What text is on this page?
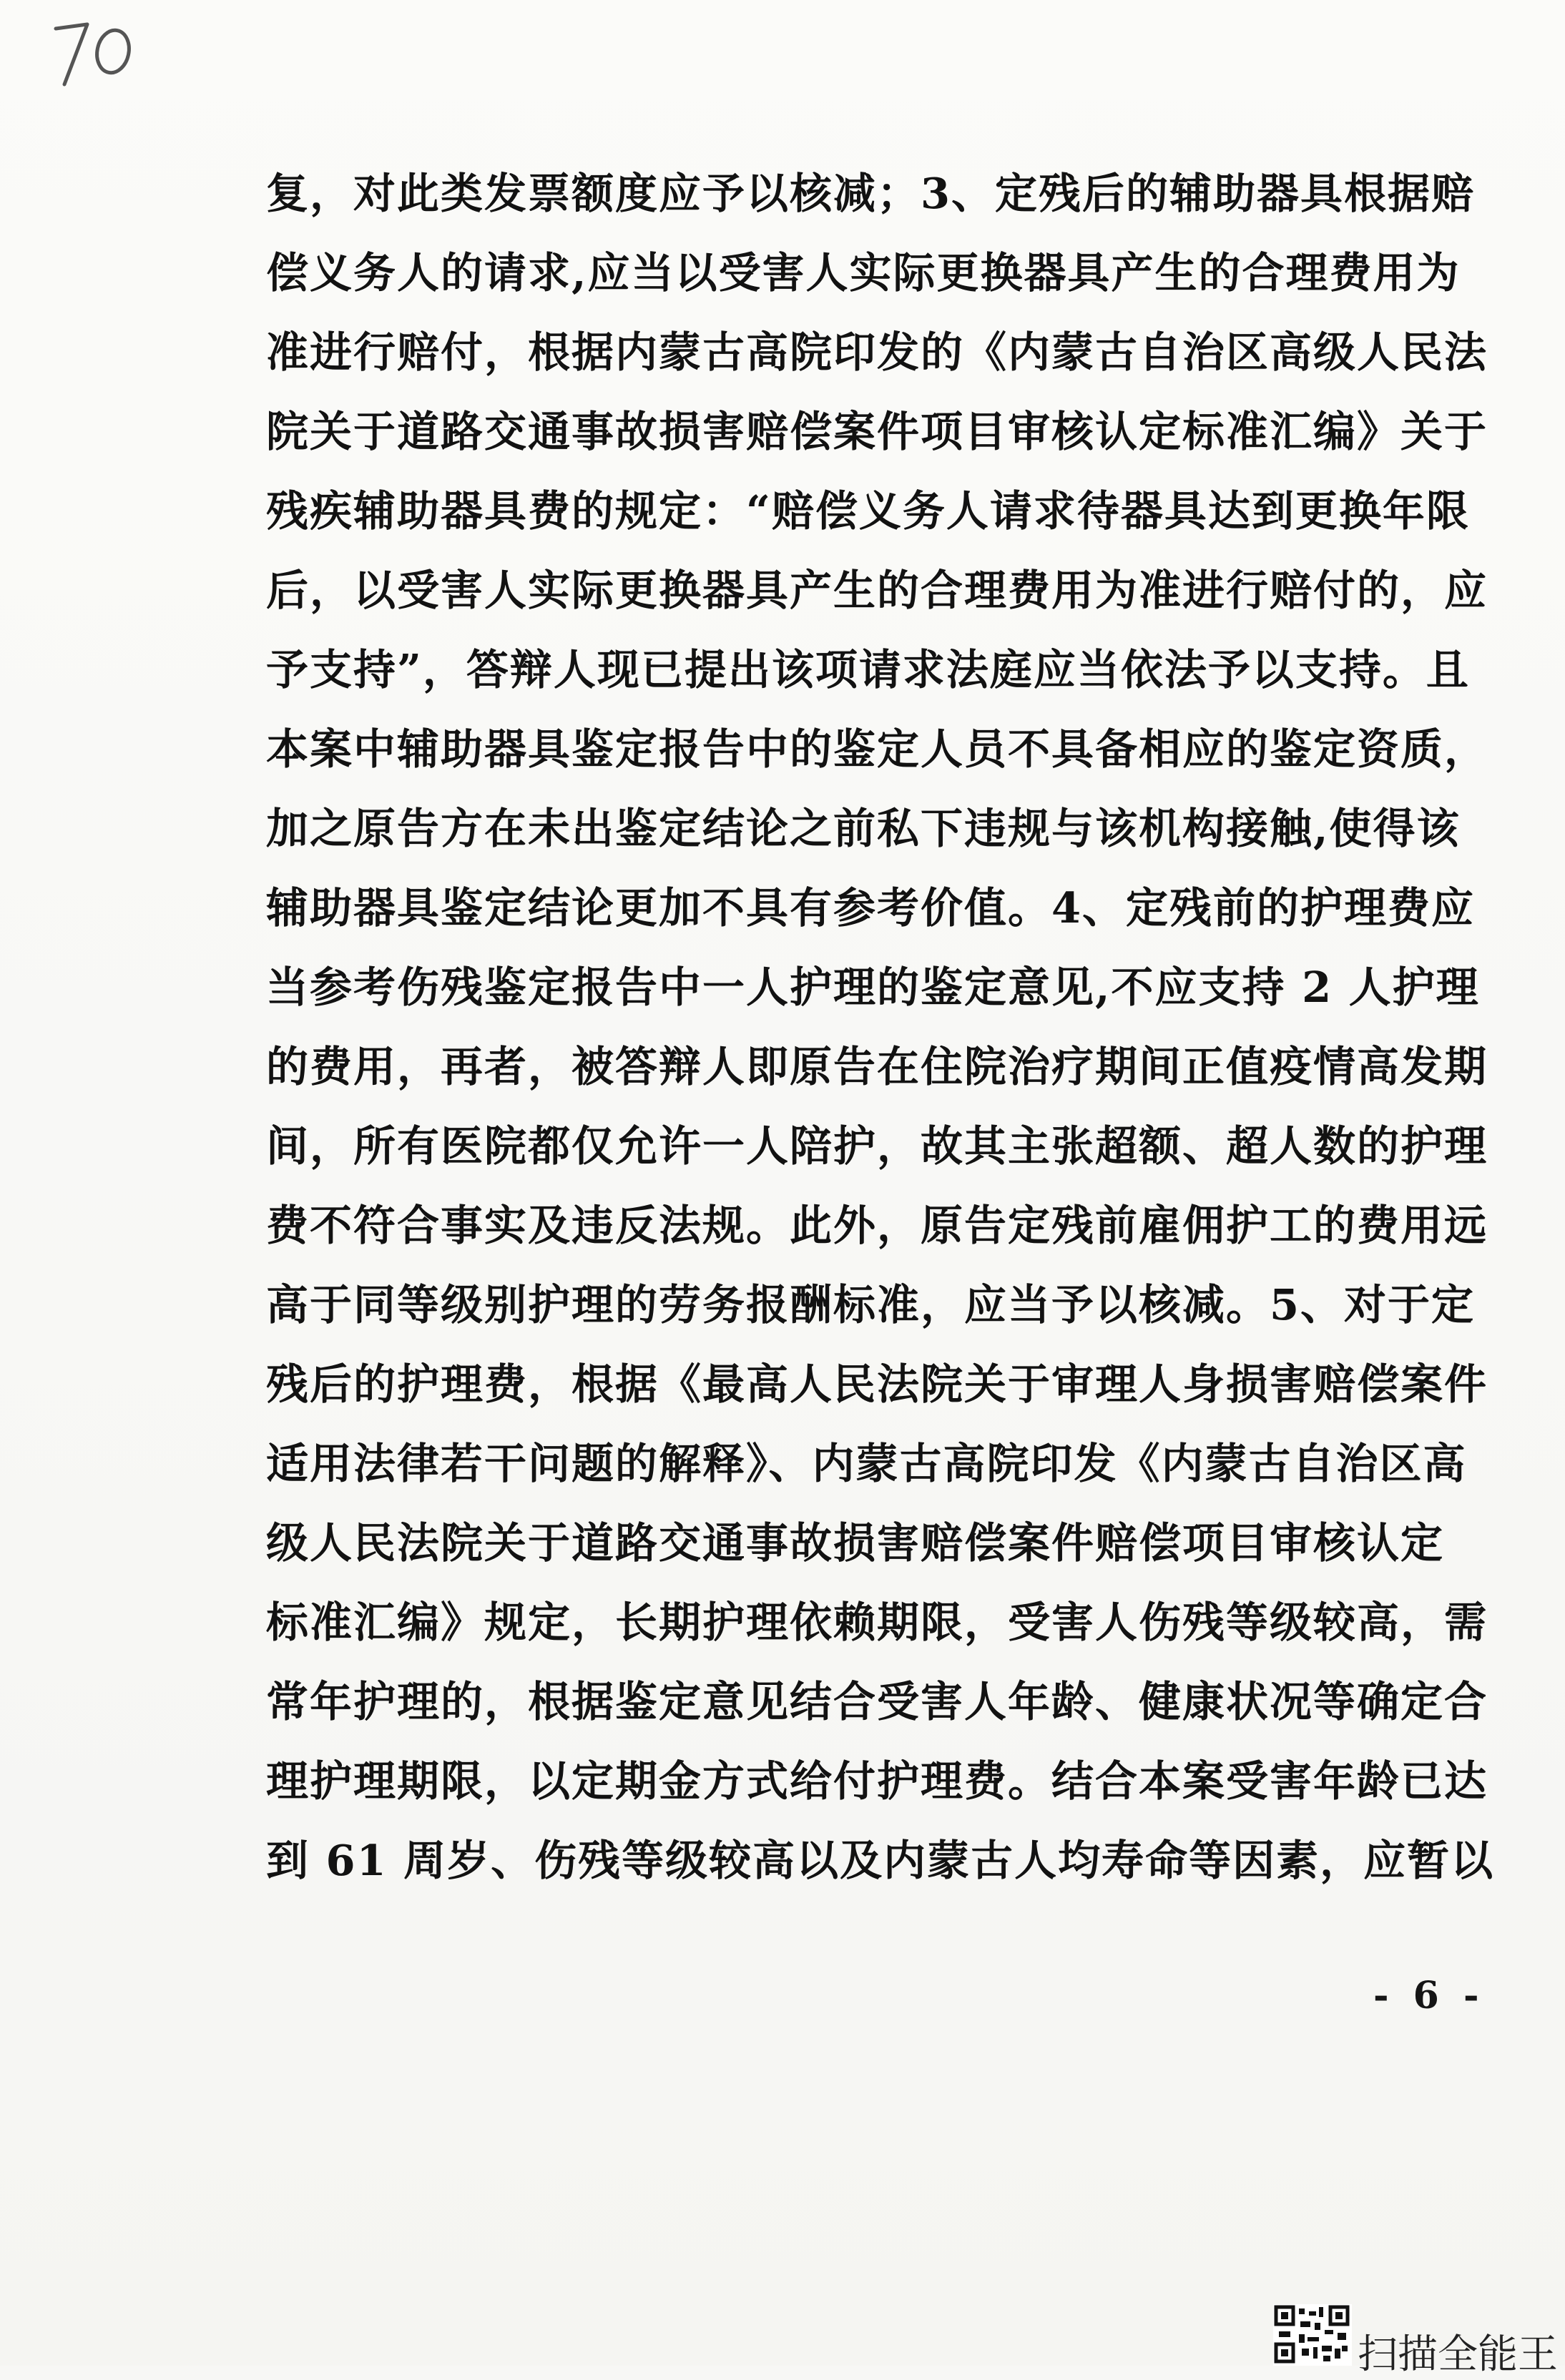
复，对此类发票额度应予以核减；3、定残后的辅助器具根据赔
偿义务人的请求,应当以受害人实际更换器具产生的合理费用为
准进行赔付，根据内蒙古高院印发的《内蒙古自治区高级人民法
院关于道路交通事故损害赔偿案件项目审核认定标准汇编》关于
残疾辅助器具费的规定：“赔偿义务人请求待器具达到更换年限
后，以受害人实际更换器具产生的合理费用为准进行赔付的，应
予支持”，答辩人现已提出该项请求法庭应当依法予以支持。且
本案中辅助器具鉴定报告中的鉴定人员不具备相应的鉴定资质，
加之原告方在未出鉴定结论之前私下违规与该机构接触,使得该
辅助器具鉴定结论更加不具有参考价值。4、定残前的护理费应
当参考伤残鉴定报告中一人护理的鉴定意见,不应支持 2 人护理
的费用，再者，被答辩人即原告在住院治疗期间正值疫情高发期
间，所有医院都仅允许一人陪护，故其主张超额、超人数的护理
费不符合事实及违反法规。此外，原告定残前雇佣护工的费用远
高于同等级别护理的劳务报酬标准，应当予以核减。5、对于定
残后的护理费，根据《最高人民法院关于审理人身损害赔偿案件
适用法律若干问题的解释》、内蒙古高院印发《内蒙古自治区高
级人民法院关于道路交通事故损害赔偿案件赔偿项目审核认定
标准汇编》规定，长期护理依赖期限，受害人伤残等级较高，需
常年护理的，根据鉴定意见结合受害人年龄、健康状况等确定合
理护理期限，以定期金方式给付护理费。结合本案受害年龄已达
到 61 周岁、伤残等级较高以及内蒙古人均寿命等因素，应暂以
- 6 -
扫描全能王
